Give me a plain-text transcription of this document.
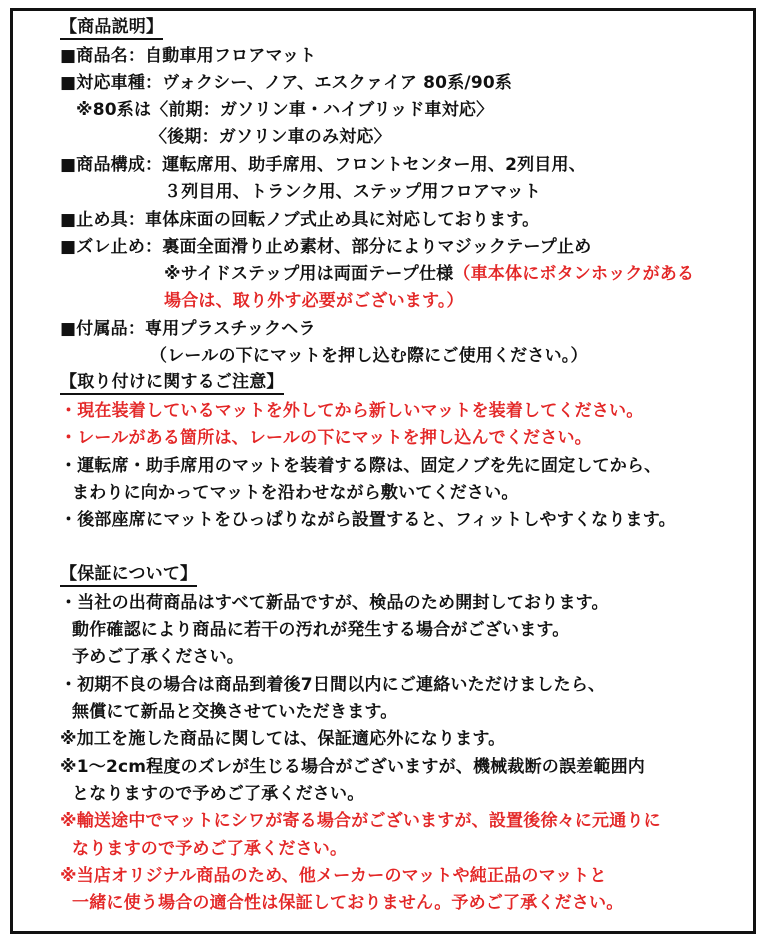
【商品説明】
■商品名：自動車用フロアマット
■対応車種：ヴォクシー、ノア、エスクァイア 80系/90系
※80系は〈前期：ガソリン車・ハイブリッド車対応〉
〈後期：ガソリン車のみ対応〉
■商品構成：運転席用、助手席用、フロントセンター用、2列目用、
３列目用、トランク用、ステップ用フロアマット
■止め具：車体床面の回転ノブ式止め具に対応しております。
■ズレ止め：裏面全面滑り止め素材、部分によりマジックテープ止め
※サイドステップ用は両面テープ仕様（車本体にボタンホックがある
場合は、取り外す必要がございます。）
■付属品：専用プラスチックヘラ
（レールの下にマットを押し込む際にご使用ください。）
【取り付けに関するご注意】
・現在装着しているマットを外してから新しいマットを装着してください。
・レールがある箇所は、レールの下にマットを押し込んでください。
・運転席・助手席用のマットを装着する際は、固定ノブを先に固定してから、
まわりに向かってマットを沿わせながら敷いてください。
・後部座席にマットをひっぱりながら設置すると、フィットしやすくなります。
【保証について】
・当社の出荷商品はすべて新品ですが、検品のため開封しております。
動作確認により商品に若干の汚れが発生する場合がございます。
予めご了承ください。
・初期不良の場合は商品到着後7日間以内にご連絡いただけましたら、
無償にて新品と交換させていただきます。
※加工を施した商品に関しては、保証適応外になります。
※1～2cm程度のズレが生じる場合がございますが、機械裁断の誤差範囲内
となりますので予めご了承ください。
※輸送途中でマットにシワが寄る場合がございますが、設置後徐々に元通りに
なりますので予めご了承ください。
※当店オリジナル商品のため、他メーカーのマットや純正品のマットと
一緒に使う場合の適合性は保証しておりません。予めご了承ください。
